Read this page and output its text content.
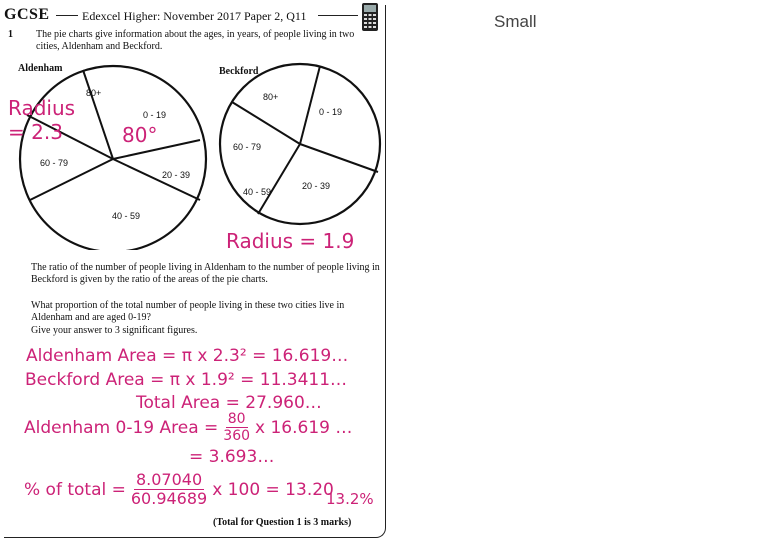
GCSE	Edexcel Higher: November 2017 Paper 2, Q11
1 The pie charts give information about the ages, in years, of people living in two cities, Aldenham and Beckford.
Aldenham	Beckford
80+
0 - 19
60 - 79
20 - 39
40 - 59
80+
0 - 19
60 - 79
20 - 39
40 - 59
Radius
= 2.3	80°
Radius = 1.9
The ratio of the number of people living in Aldenham to the number of people living in Beckford is given by the ratio of the areas of the pie charts.
What proportion of the total number of people living in these two cities live in Aldenham and are aged 0-19?
Give your answer to 3 significant figures.
Aldenham Area = π x 2.3² = 16.619…
Beckford Area = π x 1.9² = 11.3411…
Total Area = 27.960…
Aldenham 0-19 Area = $\frac{80}{360}$ x 16.619 …
= 3.693…
% of total = $\frac{8.07040}{60.94689}$ x 100 = 13.20
13.2%
(Total for Question 1 is 3 marks)
Small
